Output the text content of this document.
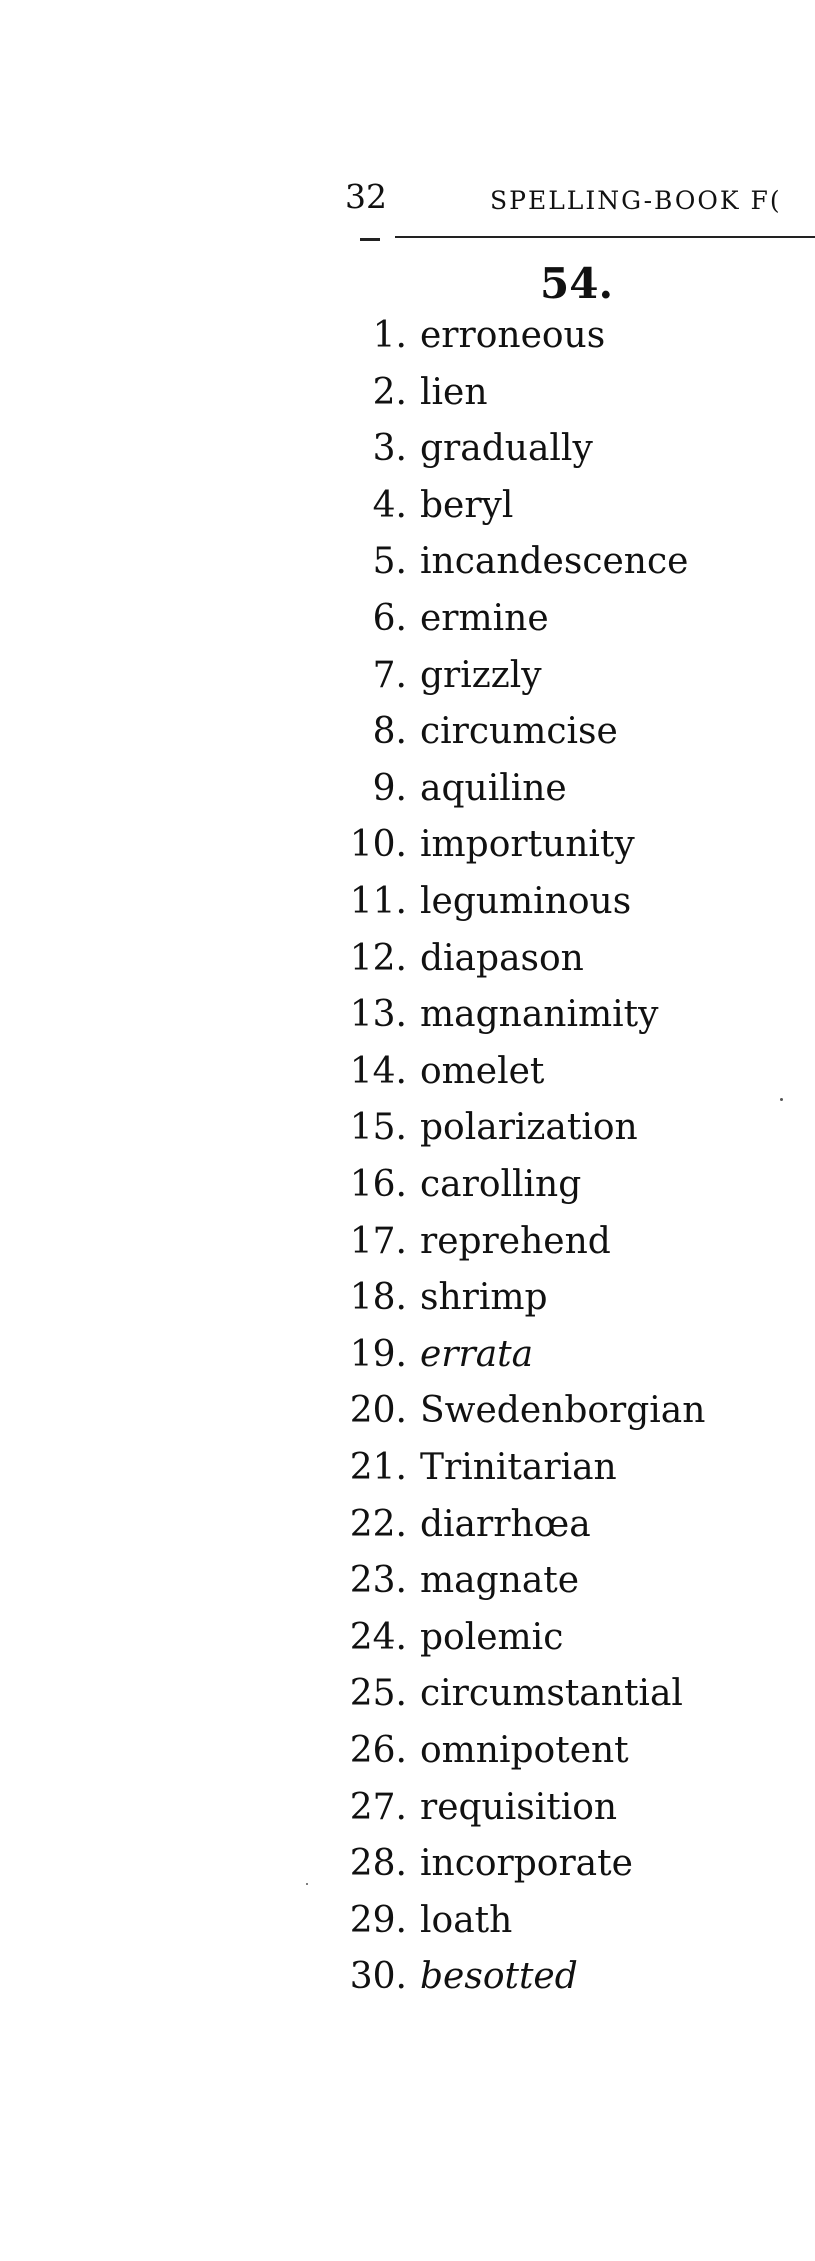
32	SPELLING-BOOK F(
54.
1. erroneous
2. lien
3. gradually
4. beryl
5. incandescence
6. ermine
7. grizzly
8. circumcise
9. aquiline
10. importunity
11. leguminous
12. diapason
13. magnanimity
14. omelet
15. polarization
16. carolling
17. reprehend
18. shrimp
19. errata
20. Swedenborgian
21. Trinitarian
22. diarrhœa
23. magnate
24. polemic
25. circumstantial
26. omnipotent
27. requisition
28. incorporate
29. loath
30. besotted
